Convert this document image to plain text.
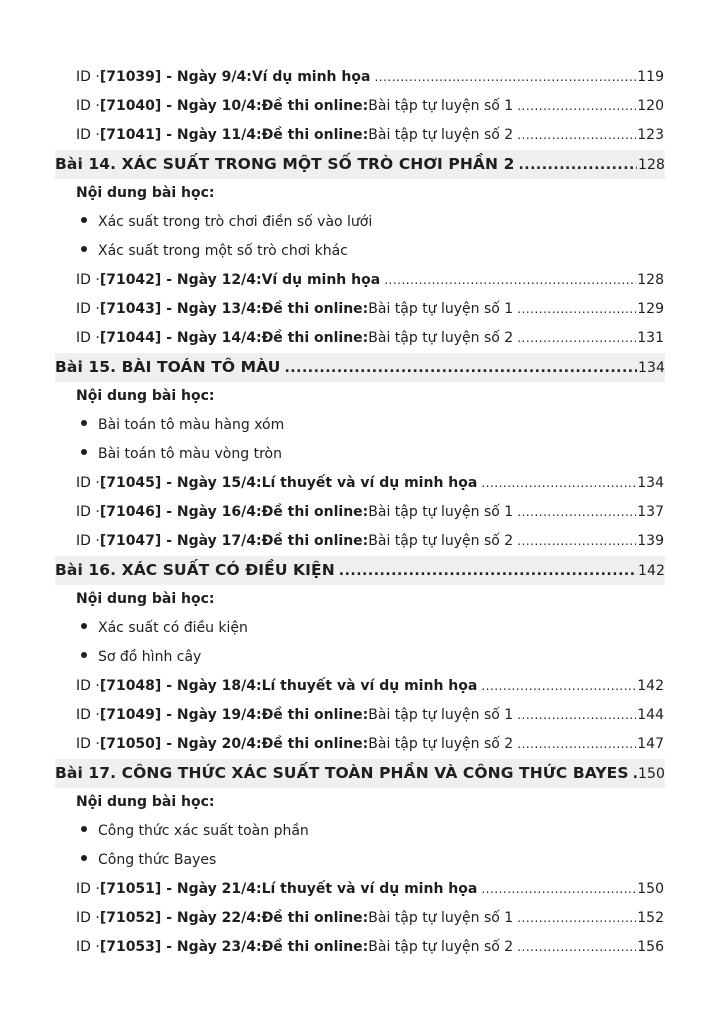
ID · [71039] - Ngày 9/4: Ví dụ minh họa .....	119
ID · [71040] - Ngày 10/4: Đề thi online: Bài tập tự luyện số 1 .....	120
ID · [71041] - Ngày 11/4: Đề thi online: Bài tập tự luyện số 2 .....	123
Bài 14. XÁC SUẤT TRONG MỘT SỐ TRÒ CHƠI PHẦN 2 .....	128
Nội dung bài học:
Xác suất trong trò chơi điền số vào lưới
Xác suất trong một số trò chơi khác
ID · [71042] - Ngày 12/4: Ví dụ minh họa .....	128
ID · [71043] - Ngày 13/4: Đề thi online: Bài tập tự luyện số 1 .....	129
ID · [71044] - Ngày 14/4: Đề thi online: Bài tập tự luyện số 2 .....	131
Bài 15. BÀI TOÁN TÔ MÀU .....	134
Nội dung bài học:
Bài toán tô màu hàng xóm
Bài toán tô màu vòng tròn
ID · [71045] - Ngày 15/4: Lí thuyết và ví dụ minh họa .....	134
ID · [71046] - Ngày 16/4: Đề thi online: Bài tập tự luyện số 1 .....	137
ID · [71047] - Ngày 17/4: Đề thi online: Bài tập tự luyện số 2 .....	139
Bài 16. XÁC SUẤT CÓ ĐIỀU KIỆN .....	142
Nội dung bài học:
Xác suất có điều kiện
Sơ đồ hình cây
ID · [71048] - Ngày 18/4: Lí thuyết và ví dụ minh họa .....	142
ID · [71049] - Ngày 19/4: Đề thi online: Bài tập tự luyện số 1 .....	144
ID · [71050] - Ngày 20/4: Đề thi online: Bài tập tự luyện số 2 .....	147
Bài 17. CÔNG THỨC XÁC SUẤT TOÀN PHẦN VÀ CÔNG THỨC BAYES ..... 150
Nội dung bài học:
Công thức xác suất toàn phần
Công thức Bayes
ID · [71051] - Ngày 21/4: Lí thuyết và ví dụ minh họa .....	150
ID · [71052] - Ngày 22/4: Đề thi online: Bài tập tự luyện số 1 .....	152
ID · [71053] - Ngày 23/4: Đề thi online: Bài tập tự luyện số 2 .....	156
